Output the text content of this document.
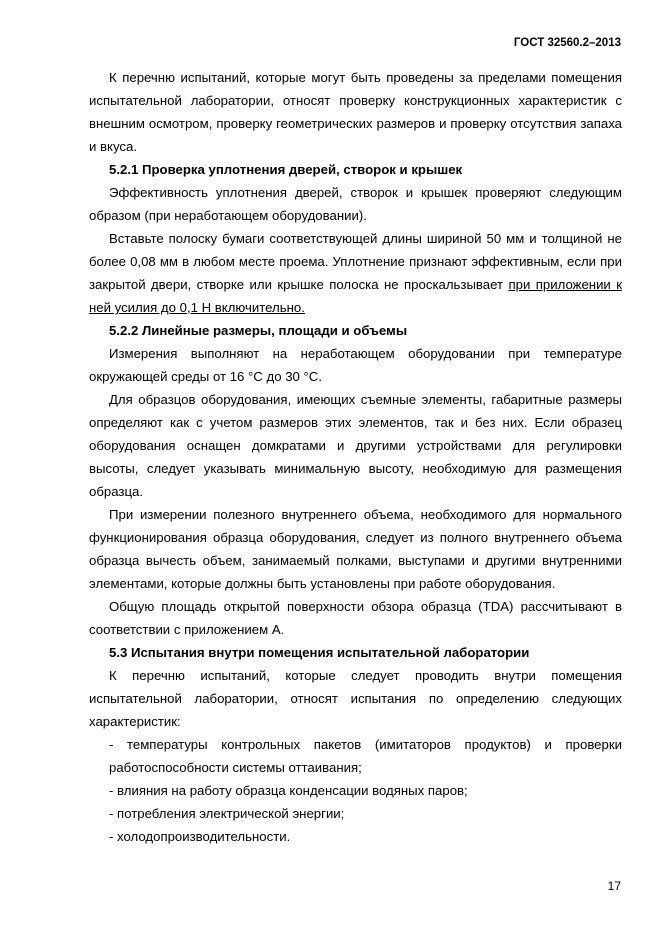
ГОСТ 32560.2–2013

К перечню испытаний, которые могут быть проведены за пределами помещения испытательной лаборатории, относят проверку конструкционных характеристик с внешним осмотром, проверку геометрических размеров и проверку отсутствия запаха и вкуса.

5.2.1 Проверка уплотнения дверей, створок и крышек

Эффективность уплотнения дверей, створок и крышек проверяют следующим образом (при неработающем оборудовании).

Вставьте полоску бумаги соответствующей длины шириной 50 мм и толщиной не более 0,08 мм в любом месте проема. Уплотнение признают эффективным, если при закрытой двери, створке или крышке полоска не проскальзывает при приложении к ней усилия до 0,1 Н включительно.

5.2.2 Линейные размеры, площади и объемы

Измерения выполняют на неработающем оборудовании при температуре окружающей среды от 16 °С до 30 °С.

Для образцов оборудования, имеющих съемные элементы, габаритные размеры определяют как с учетом размеров этих элементов, так и без них. Если образец оборудования оснащен домкратами и другими устройствами для регулировки высоты, следует указывать минимальную высоту, необходимую для размещения образца.

При измерении полезного внутреннего объема, необходимого для нормального функционирования образца оборудования, следует из полного внутреннего объема образца вычесть объем, занимаемый полками, выступами и другими внутренними элементами, которые должны быть установлены при работе оборудования.

Общую площадь открытой поверхности обзора образца (TDA) рассчитывают в соответствии с приложением А.

5.3 Испытания внутри помещения испытательной лаборатории

К перечню испытаний, которые следует проводить внутри помещения испытательной лаборатории, относят испытания по определению следующих характеристик:

- температуры контрольных пакетов (имитаторов продуктов) и проверки работоспособности системы оттаивания;

- влияния на работу образца конденсации водяных паров;

- потребления электрической энергии;

- холодопроизводительности.

17
